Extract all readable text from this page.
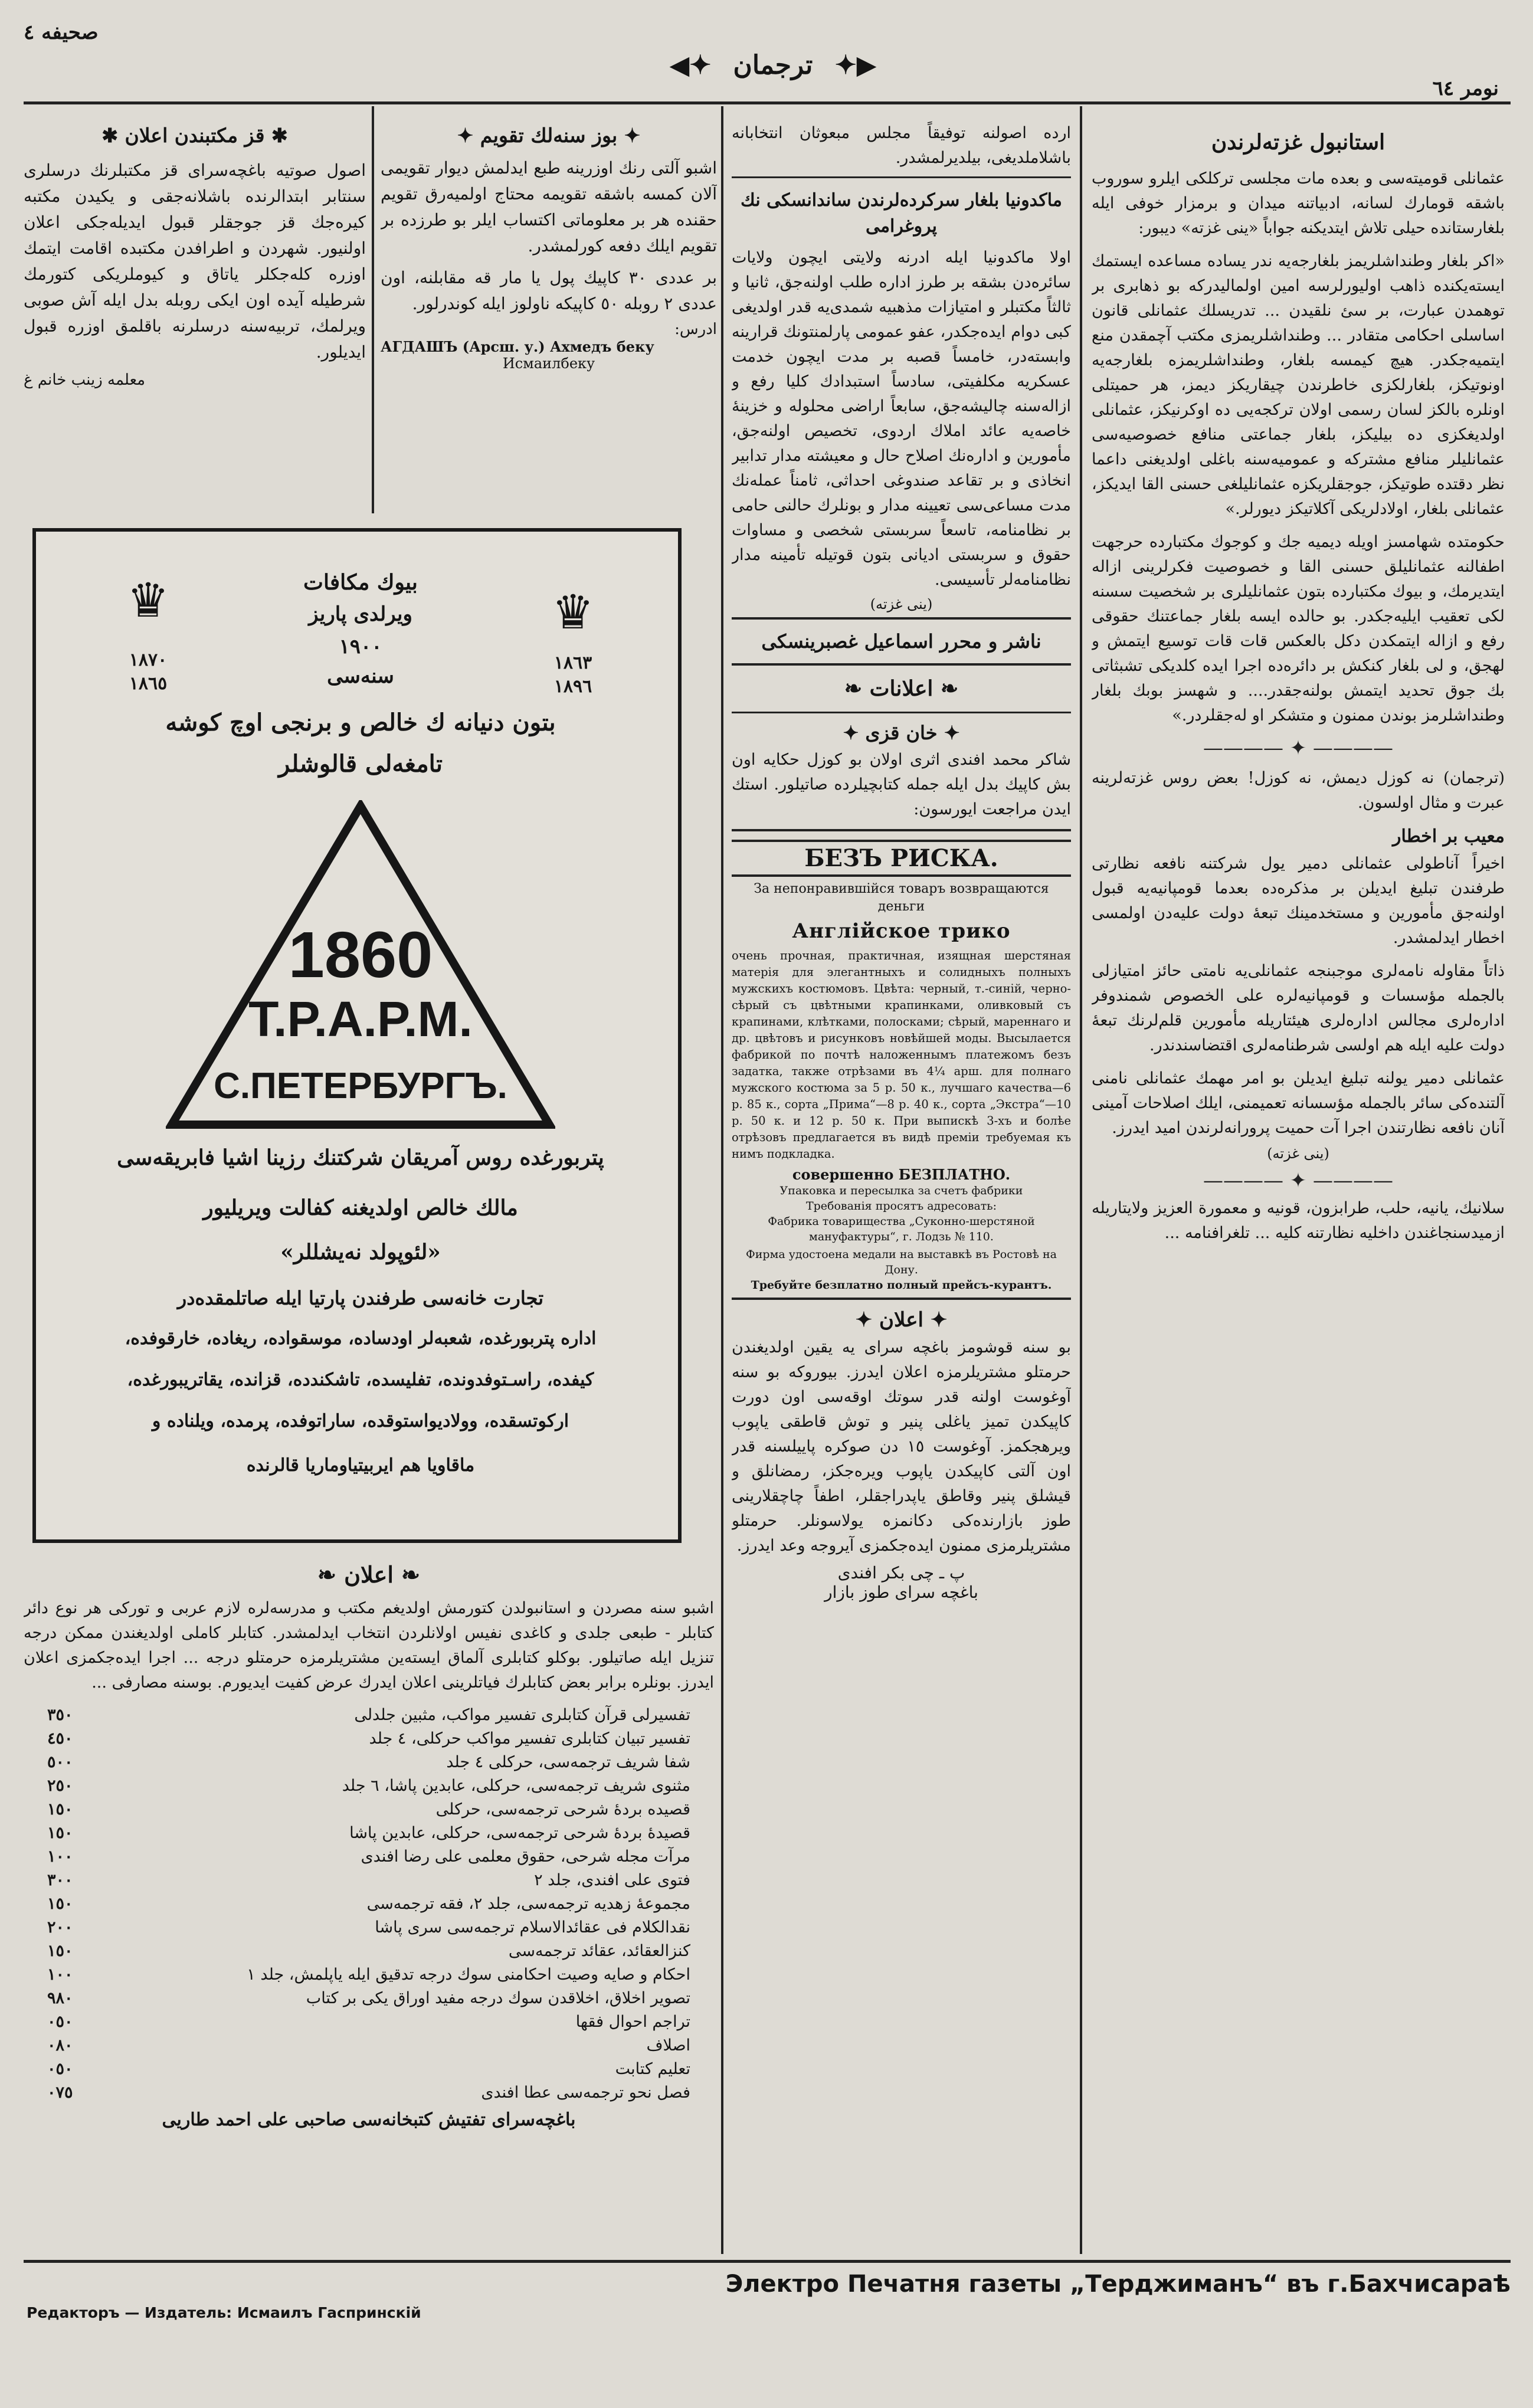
صحیفه ٤
◀✦ ترجمان ✦▶
نومر ٦٤
استانبول غزته‌لرندن

عثمانلی قومیته‌سی و بعده مات مجلسی ترکلکی ایلرو سوروب باشقه قومارك لسانه، ادبیاتنه میدان و برمزار خوفی ایله بلغارستانده حیلی تلاش ایتدیکنه جواباً «ینی غزته» دیبور:

«اکر بلغار وطنداشلریمز بلغارجه‌یه ندر یساده مساعده ایستمك ایستەیکنده ذاهب اولیورلرسه امین اولمالیدرکه بو ذهابری بر توهمدن عبارت، بر سئ نلقیدن ... تدریسلك عثمانلی قانون اساسلی احکامی متقادر ... وطنداشلریمزی مکتب آچمقدن منع ایتمیه‌جکدر. هیچ کیمسه بلغار، وطنداشلریمزه بلغارجه‌یه اونوتیکز، بلغارلکزی خاطرندن چیقاریکز دیمز، هر حمیتلی اونلره بالکز لسان رسمی اولان ترکجه‌یی ده اوکرنیکز، عثمانلی اولدیغکزی ده بیلیکز، بلغار جماعتی منافع خصوصیه‌سی عثمانلیلر منافع مشترکه و عمومیه‌سنه باغلی اولدیغنی داعما نظر دقتده طوتیکز، جوجقلریکزه عثمانلیلغی حسنی القا ایدیکز، عثمانلی بلغار، اولادلریکی آکلاتیکز دیورلر.»

حکومتده شهامسز اویله دیمیه جك و کوجوك مکتبارده حرجهت اطفالنه عثمانلیلق حسنی القا و خصوصیت فکرلرینی ازاله ایتدیرمك، و بیوك مکتبارده بتون عثمانلیلری بر شخصیت سسنه لکی تعقیب ایلیه‌جکدر. بو حالده ایسه بلغار جماعتنك حقوقی رفع و ازاله ایتمکدن دکل بالعکس قات قات توسیع ایتمش و لهجق، و لی بلغار کنکش بر دائره‌ده اجرا ایده کلدیکی تشبثاتی بك جوق تحدید ایتمش بولنه‌جقدر.... و شهسز بوبك بلغار وطنداشلرمز بوندن ممنون و متشکر او لەجقلردر.»

———— ✦ ————

(ترجمان) نه کوزل دیمش، نه کوزل! بعض روس غزته‌لرینه عبرت و مثال اولسون.

معیب بر اخطار

اخیراً آناطولی عثمانلی دمیر یول شرکتنه نافعه نظارتی طرفندن تبلیغ ایدیلن بر مذکره‌ده بعدما قومپانیه‌یه قبول اولنه‌جق مأمورین و مستخدمینك تبعهٔ دولت علیه‌دن اولمسی اخطار ایدلمشدر.

ذاتاً مقاوله نامه‌لری موجبنجه عثمانلی‌یه نامتی حائز امتیازلی بالجمله مؤسسات و قومپانیه‌لره علی الخصوص شمندوفر ادارەلری مجالس اداره‌لری هیئتاریله مأمورین قلم‌لرنك تبعهٔ دولت علیه ایله هم اولسی شرطنامه‌لری اقتضاسندندر.

عثمانلی دمیر یولنه تبلیغ ایدیلن بو امر مهمك عثمانلی نامنی آلتنده‌کی سائر بالجمله مؤسسانه تعمیمنی، ایلك اصلاحات آمینی آنان نافعه نظارتندن اجرا آت حمیت پرورانه‌لرندن امید ایدرز.

(ینی غزته)
———— ✦ ————

سلانیك، یانیه، حلب، طرابزون، قونیه و معمورة العزیز ولایتاریله ازمیدسنجاغندن داخلیه نظارتنه کلیه ... تلغرافنامه ...

ارده اصولنه توفیقاً مجلس مبعوثان انتخابانه باشلاملدیغی، بیلدیرلمشدر.

ماکدونیا بلغار سرکرده‌لرندن ساندانسکی نك پروغرامی

اولا ماکدونیا ایله ادرنه ولایتی ایچون ولایات سائره‌دن بشقه بر طرز اداره طلب اولنه‌جق، ثانیا و ثالثاً مکتبلر و امتیازات مذهبیه شمدی‌یه قدر اولدیغی کبی دوام ایده‌جکدر، عفو عمومی پارلمنتونك قرارینه وابسته‌در، خامساً قصبه بر مدت ایچون خدمت عسکریه مکلفیتی، سادساً استبدادك کلیا رفع و ازاله‌سنه چالیشه‌جق، سابعاً اراضی محلوله و خزینهٔ خاصه‌یه عائد املاك اردوی، تخصیص اولنه‌جق، مأمورین و اداره‌نك اصلاح حال و معیشته مدار تدابیر انخاذی و بر تقاعد صندوغی احداثی، ثامناً عملەنك مدت مساعی‌سی تعیینه مدار و بونلرك حالنی حامی بر نظامنامه، تاسعاً سربستی شخصی و مساوات حقوق و سربستی ادیانی بتون قوتیله تأمینه مدار نظامنامه‌لر تأسیسی.

(ینی غزته)
ناشر و محرر اسماعیل غصبرینسکی
❧ اعلانات ❧
✦ خان قزی ✦

شاکر محمد افندی اثری اولان بو کوزل حکایه اون بش کاپیك بدل ایله جمله کتابچیلرده صاتیلور. استك ایدن مراجعت ایورسون:

БЕЗЪ РИСКА.
За непонравившійся товаръ возвращаются деньги
Англійское трико
очень прочная, практичная, изящная шерстяная матерія для элегантныхъ и солидныхъ полныхъ мужскихъ костюмовъ. Цвѣта: черный, т.-синій, черно-сѣрый съ цвѣтными крапинками, оливковый съ крапинами, клѣтками, полосками; сѣрый, мареннаго и др. цвѣтовъ и рисунковъ новѣйшей моды. Высылается фабрикой по почтѣ наложеннымъ платежомъ безъ задатка, также отрѣзами въ 4¼ арш. для полнаго мужского костюма за 5 р. 50 к., лучшаго качества—6 р. 85 к., сорта „Прима“—8 р. 40 к., сорта „Экстра“—10 р. 50 к. и 12 р. 50 к. При выпискѣ 3-хъ и болѣе отрѣзовъ предлагается въ видѣ преміи требуемая къ нимъ подкладка.
совершенно БЕЗПЛАТНО.
Упаковка и пересылка за счетъ фабрики
Требованія просятъ адресовать:
Фабрика товарищества „Суконно-шерстяной мануфактуры“, г. Лодзь № 110.
Фирма удостоена медали на выставкѣ въ Ростовѣ на Дону.
Требуйте безплатно полный прейсъ-курантъ.
✦ اعلان ✦

بو سنه قوشومز باغچه سرای یه یقین اولدیغندن حرمتلو مشتریلرمزه اعلان ایدرز. بیوروکه بو سنه آوغوست اولنه قدر سوتك اوقه‌سی اون دورت کاپیکدن تمیز یاغلی پنیر و توش قاطقی یاپوب ویرهجکمز. آوغوست ١٥ دن صوکره پاییلسنه قدر اون آلتی کاپیکدن یاپوب ویره‌جکز، رمضانلق و قیشلق پنیر وقاطق یاپدراجقلر، اطفاً چاچقلارینی طوز بازارنده‌کی دکانمزه یولاسونلر. حرمتلو مشتریلرمزی ممنون ایده‌جکمزی آیروجه وعد ایدرز.

پ ـ چی بکر افندی
باغچه سرای طوز بازار
✱ قز مکتبندن اعلان ✱

اصول صوتیه باغچه‌سرای قز مکتبلرنك درسلری سنتابر ابتدالرنده باشلانه‌جقی و یکیدن مکتبه کیره‌جك قز جوجقلر قبول ایدیله‌جکی اعلان اولنیور. شهردن و اطرافدن مکتبده اقامت ایتمك اوزره کله‌جکلر یاتاق و کیوملریکی کتورمك شرطیله آیده اون ایکی روبله بدل ایله آش صوبی ویرلمك، تربیه‌سنه درسلرنه باقلمق اوزره قبول ایدیلور.

معلمه زینب خانم غ
✦ بوز سنه‌لك تقویم ✦

اشبو آلتی رنك اوزرینه طبع ایدلمش دیوار تقویمی آلان کمسه باشقه تقویمه محتاج اولمیه‌رق تقویم حقنده هر بر معلوماتی اکتساب ایلر بو طرزده بر تقویم ایلك دفعه کورلمشدر.

بر عددی ٣٠ کاپیك پول یا مار قه مقابلنه، اون عددی ٢ روبله ٥٠ کاپیکه ناولوز ایله کوندرلور.

ادرس:
АГДАШЪ (Арсш. у.) Ахмедъ беку
Исмаилбеку
♛	♛
١٨٧٠
١٨٦٥
١٨٦٣
١٨٩٦
بیوك مکافات
ویرلدی پاریز
١٩٠٠
سنه‌سی
بتون دنیانه ك خالص و برنجی اوچ کوشه
تامغه‌لی قالوشلر
1860
T.P.A.P.M.
C.ПЕТЕРБУРГЪ.
پتربورغده روس آمریقان شرکتنك رزینا اشیا فابریقه‌سی
مالك خالص اولدیغنه کفالت ویریلیور
«لئوپولد نه‌یشللر»
تجارت خانه‌سی طرفندن پارتیا ایله صاتلمقده‌در
اداره پتربورغده، شعبه‌لر اودساده، موسقواده، ریغاده، خارقوفده،
کیفده، راسـتوفدونده، تفلیسده، تاشکندده، قزانده، یقاتریبورغده،
ارکوتسقده، وولادیواستوقده، ساراتوفده، پرمده، ویلناده و
ماقاویا هم ایربیتیاوماریا قالرنده
❧ اعلان ❧

اشبو سنه مصردن و استانبولدن کتورمش اولدیغم مکتب و مدرسه‌لره لازم عربی و تورکی هر نوع دائر کتابلر - طبعی جلدی و کاغدی نفیس اولانلردن انتخاب ایدلمشدر. کتابلر کاملی اولدیغندن ممکن درجه تنزیل ایله صاتیلور. بوکلو کتابلری آلماق ایسته‌ین مشتریلرمزه حرمتلو درجه ... اجرا ایده‌جکمزی اعلان ایدرز. بونلره برابر بعض کتابلرك فیاتلرینی اعلان ایدرك عرض کفیت ایدیورم. بوسنه مصارفی ...

تفسیرلی قرآن کتابلری تفسیر مواکب، مثبین جلدلی
٣٥٠
تفسیر تبیان کتابلری تفسیر مواکب حرکلی، ٤ جلد
٤٥٠
شفا شریف ترجمه‌سی، حرکلی ٤ جلد
٥٠٠
مثنوی شریف ترجمه‌سی، حرکلی، عابدین پاشا، ٦ جلد
٢٥٠
قصیده بردهٔ شرحی ترجمه‌سی، حرکلی
١٥٠
قصیدهٔ بردهٔ شرحی ترجمه‌سی، حرکلی، عابدین پاشا
١٥٠
مرآت مجله شرحی، حقوق معلمی علی رضا افندی
١٠٠
فتوی علی افندی، جلد ٢
٣٠٠
مجموعهٔ زهدیه ترجمه‌سی، جلد ٢، فقه ترجمه‌سی
١٥٠
نقدالکلام فی عقائدالاسلام ترجمه‌سی سری پاشا
٢٠٠
کنزالعقائد، عقائد ترجمه‌سی
١٥٠
احکام و صایه وصیت احکامنی سوك درجه تدقیق ایله یاپلمش، جلد ١
١٠٠
تصویر اخلاق، اخلاقدن سوك درجه مفید اوراق یکی بر کتاب
٩٨٠
تراجم احوال فقها
٠٥٠
اصلاف
٠٨٠
تعلیم کتابت
٠٥٠
فصل نحو ترجمه‌سی عطا افندی
٠٧٥
باغچه‌سرای تفتیش کتبخانه‌سی صاحبی علی احمد طاریی
Электро Печатня газеты „Терджиманъ“ въ г.Бахчисараѣ
Редакторъ — Издатель: Исмаилъ Гаспринскій
